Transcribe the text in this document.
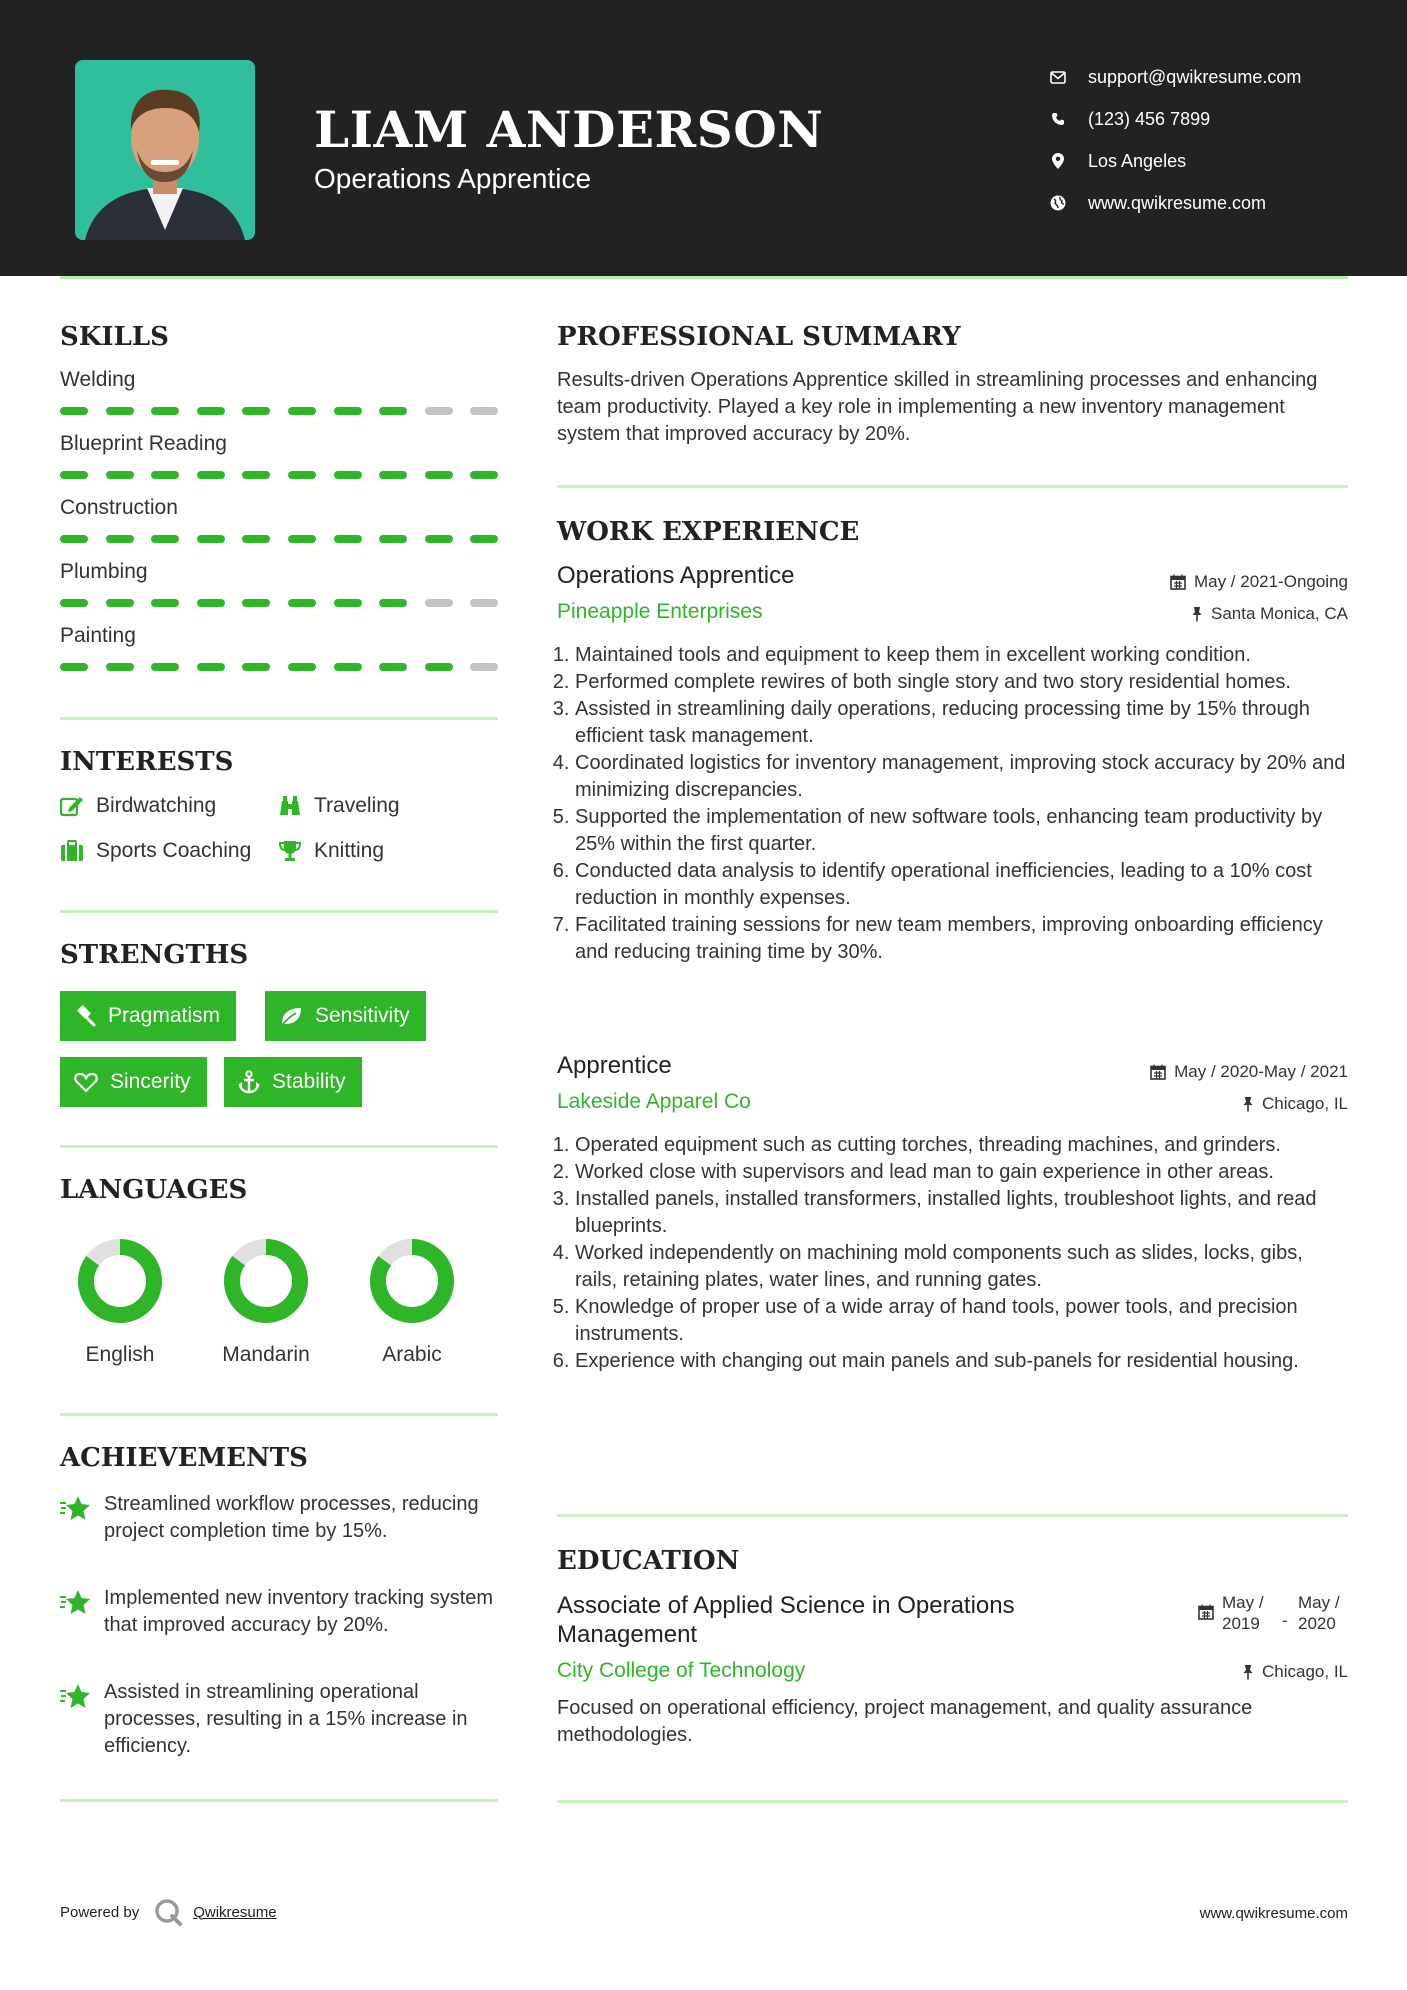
LIAM ANDERSON
Operations Apprentice
support@qwikresume.com
(123) 456 7899
Los Angeles
www.qwikresume.com
SKILLS
Welding
Blueprint Reading
Construction
Plumbing
Painting
INTERESTS
Birdwatching	Traveling
Sports Coaching	Knitting
STRENGTHS
Pragmatism	Sensitivity
Sincerity	Stability
LANGUAGES
English	Mandarin	Arabic
ACHIEVEMENTS
Streamlined workflow processes, reducing project completion time by 15%.
Implemented new inventory tracking system that improved accuracy by 20%.
Assisted in streamlining operational processes, resulting in a 15% increase in efficiency.
PROFESSIONAL SUMMARY
Results-driven Operations Apprentice skilled in streamlining processes and enhancing team productivity. Played a key role in implementing a new inventory management system that improved accuracy by 20%.
WORK EXPERIENCE
Operations Apprentice	May / 2021-Ongoing
Pineapple Enterprises	Santa Monica, CA
1. Maintained tools and equipment to keep them in excellent working condition.
2. Performed complete rewires of both single story and two story residential homes.
3. Assisted in streamlining daily operations, reducing processing time by 15% through efficient task management.
4. Coordinated logistics for inventory management, improving stock accuracy by 20% and minimizing discrepancies.
5. Supported the implementation of new software tools, enhancing team productivity by 25% within the first quarter.
6. Conducted data analysis to identify operational inefficiencies, leading to a 10% cost reduction in monthly expenses.
7. Facilitated training sessions for new team members, improving onboarding efficiency and reducing training time by 30%.
Apprentice	May / 2020-May / 2021
Lakeside Apparel Co	Chicago, IL
1. Operated equipment such as cutting torches, threading machines, and grinders.
2. Worked close with supervisors and lead man to gain experience in other areas.
3. Installed panels, installed transformers, installed lights, troubleshoot lights, and read blueprints.
4. Worked independently on machining mold components such as slides, locks, gibs, rails, retaining plates, water lines, and running gates.
5. Knowledge of proper use of a wide array of hand tools, power tools, and precision instruments.
6. Experience with changing out main panels and sub-panels for residential housing.
EDUCATION
Associate of Applied Science in Operations
Management
May /
2019	-
May /
2020
City College of Technology	Chicago, IL
Focused on operational efficiency, project management, and quality assurance methodologies.
Powered by	Qwikresume	www.qwikresume.com
